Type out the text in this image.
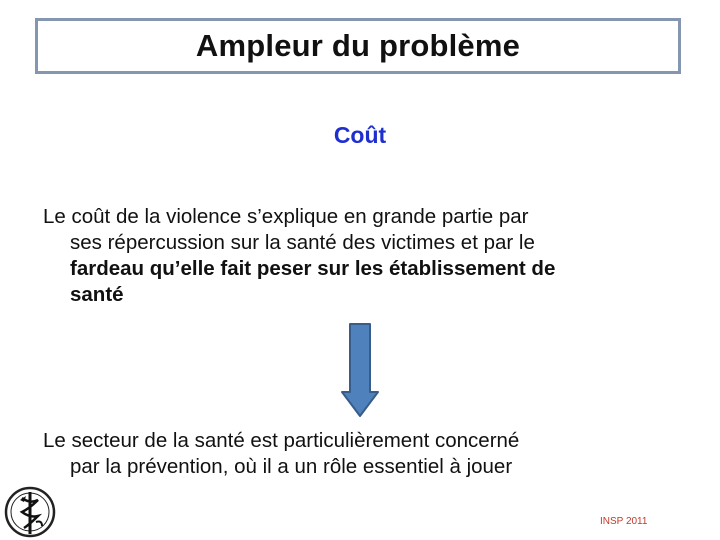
Ampleur du problème

Coût

Le coût de la violence s’explique en grande partie par
ses répercussion sur la santé des victimes et par le
fardeau qu’elle fait peser sur les établissement de
santé

Le secteur de la santé est particulièrement concerné
par la prévention, où il a un rôle essentiel à jouer

INSP 2011
